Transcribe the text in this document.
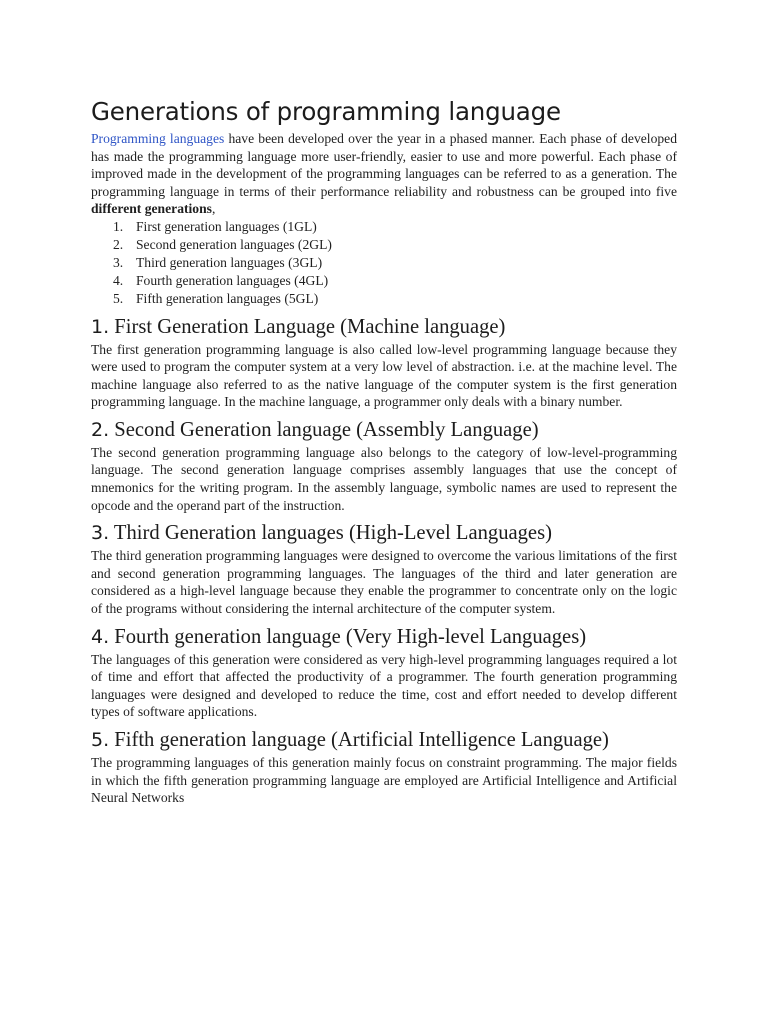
Generations of programming language

Programming languages have been developed over the year in a phased manner. Each phase of developed has made the programming language more user-friendly, easier to use and more powerful. Each phase of improved made in the development of the programming languages can be referred to as a generation. The programming language in terms of their performance reliability and robustness can be grouped into five different generations,

1. First generation languages (1GL)
2. Second generation languages (2GL)
3. Third generation languages (3GL)
4. Fourth generation languages (4GL)
5. Fifth generation languages (5GL)
1. First Generation Language (Machine language)

The first generation programming language is also called low-level programming language because they were used to program the computer system at a very low level of abstraction. i.e. at the machine level. The machine language also referred to as the native language of the computer system is the first generation programming language. In the machine language, a programmer only deals with a binary number.

2. Second Generation language (Assembly Language)

The second generation programming language also belongs to the category of low-level-programming language. The second generation language comprises assembly languages that use the concept of mnemonics for the writing program. In the assembly language, symbolic names are used to represent the opcode and the operand part of the instruction.

3. Third Generation languages (High-Level Languages)

The third generation programming languages were designed to overcome the various limitations of the first and second generation programming languages. The languages of the third and later generation are considered as a high-level language because they enable the programmer to concentrate only on the logic of the programs without considering the internal architecture of the computer system.

4. Fourth generation language (Very High-level Languages)

The languages of this generation were considered as very high-level programming languages required a lot of time and effort that affected the productivity of a programmer. The fourth generation programming languages were designed and developed to reduce the time, cost and effort needed to develop different types of software applications.

5. Fifth generation language (Artificial Intelligence Language)

The programming languages of this generation mainly focus on constraint programming. The major fields in which the fifth generation programming language are employed are Artificial Intelligence and Artificial Neural Networks
